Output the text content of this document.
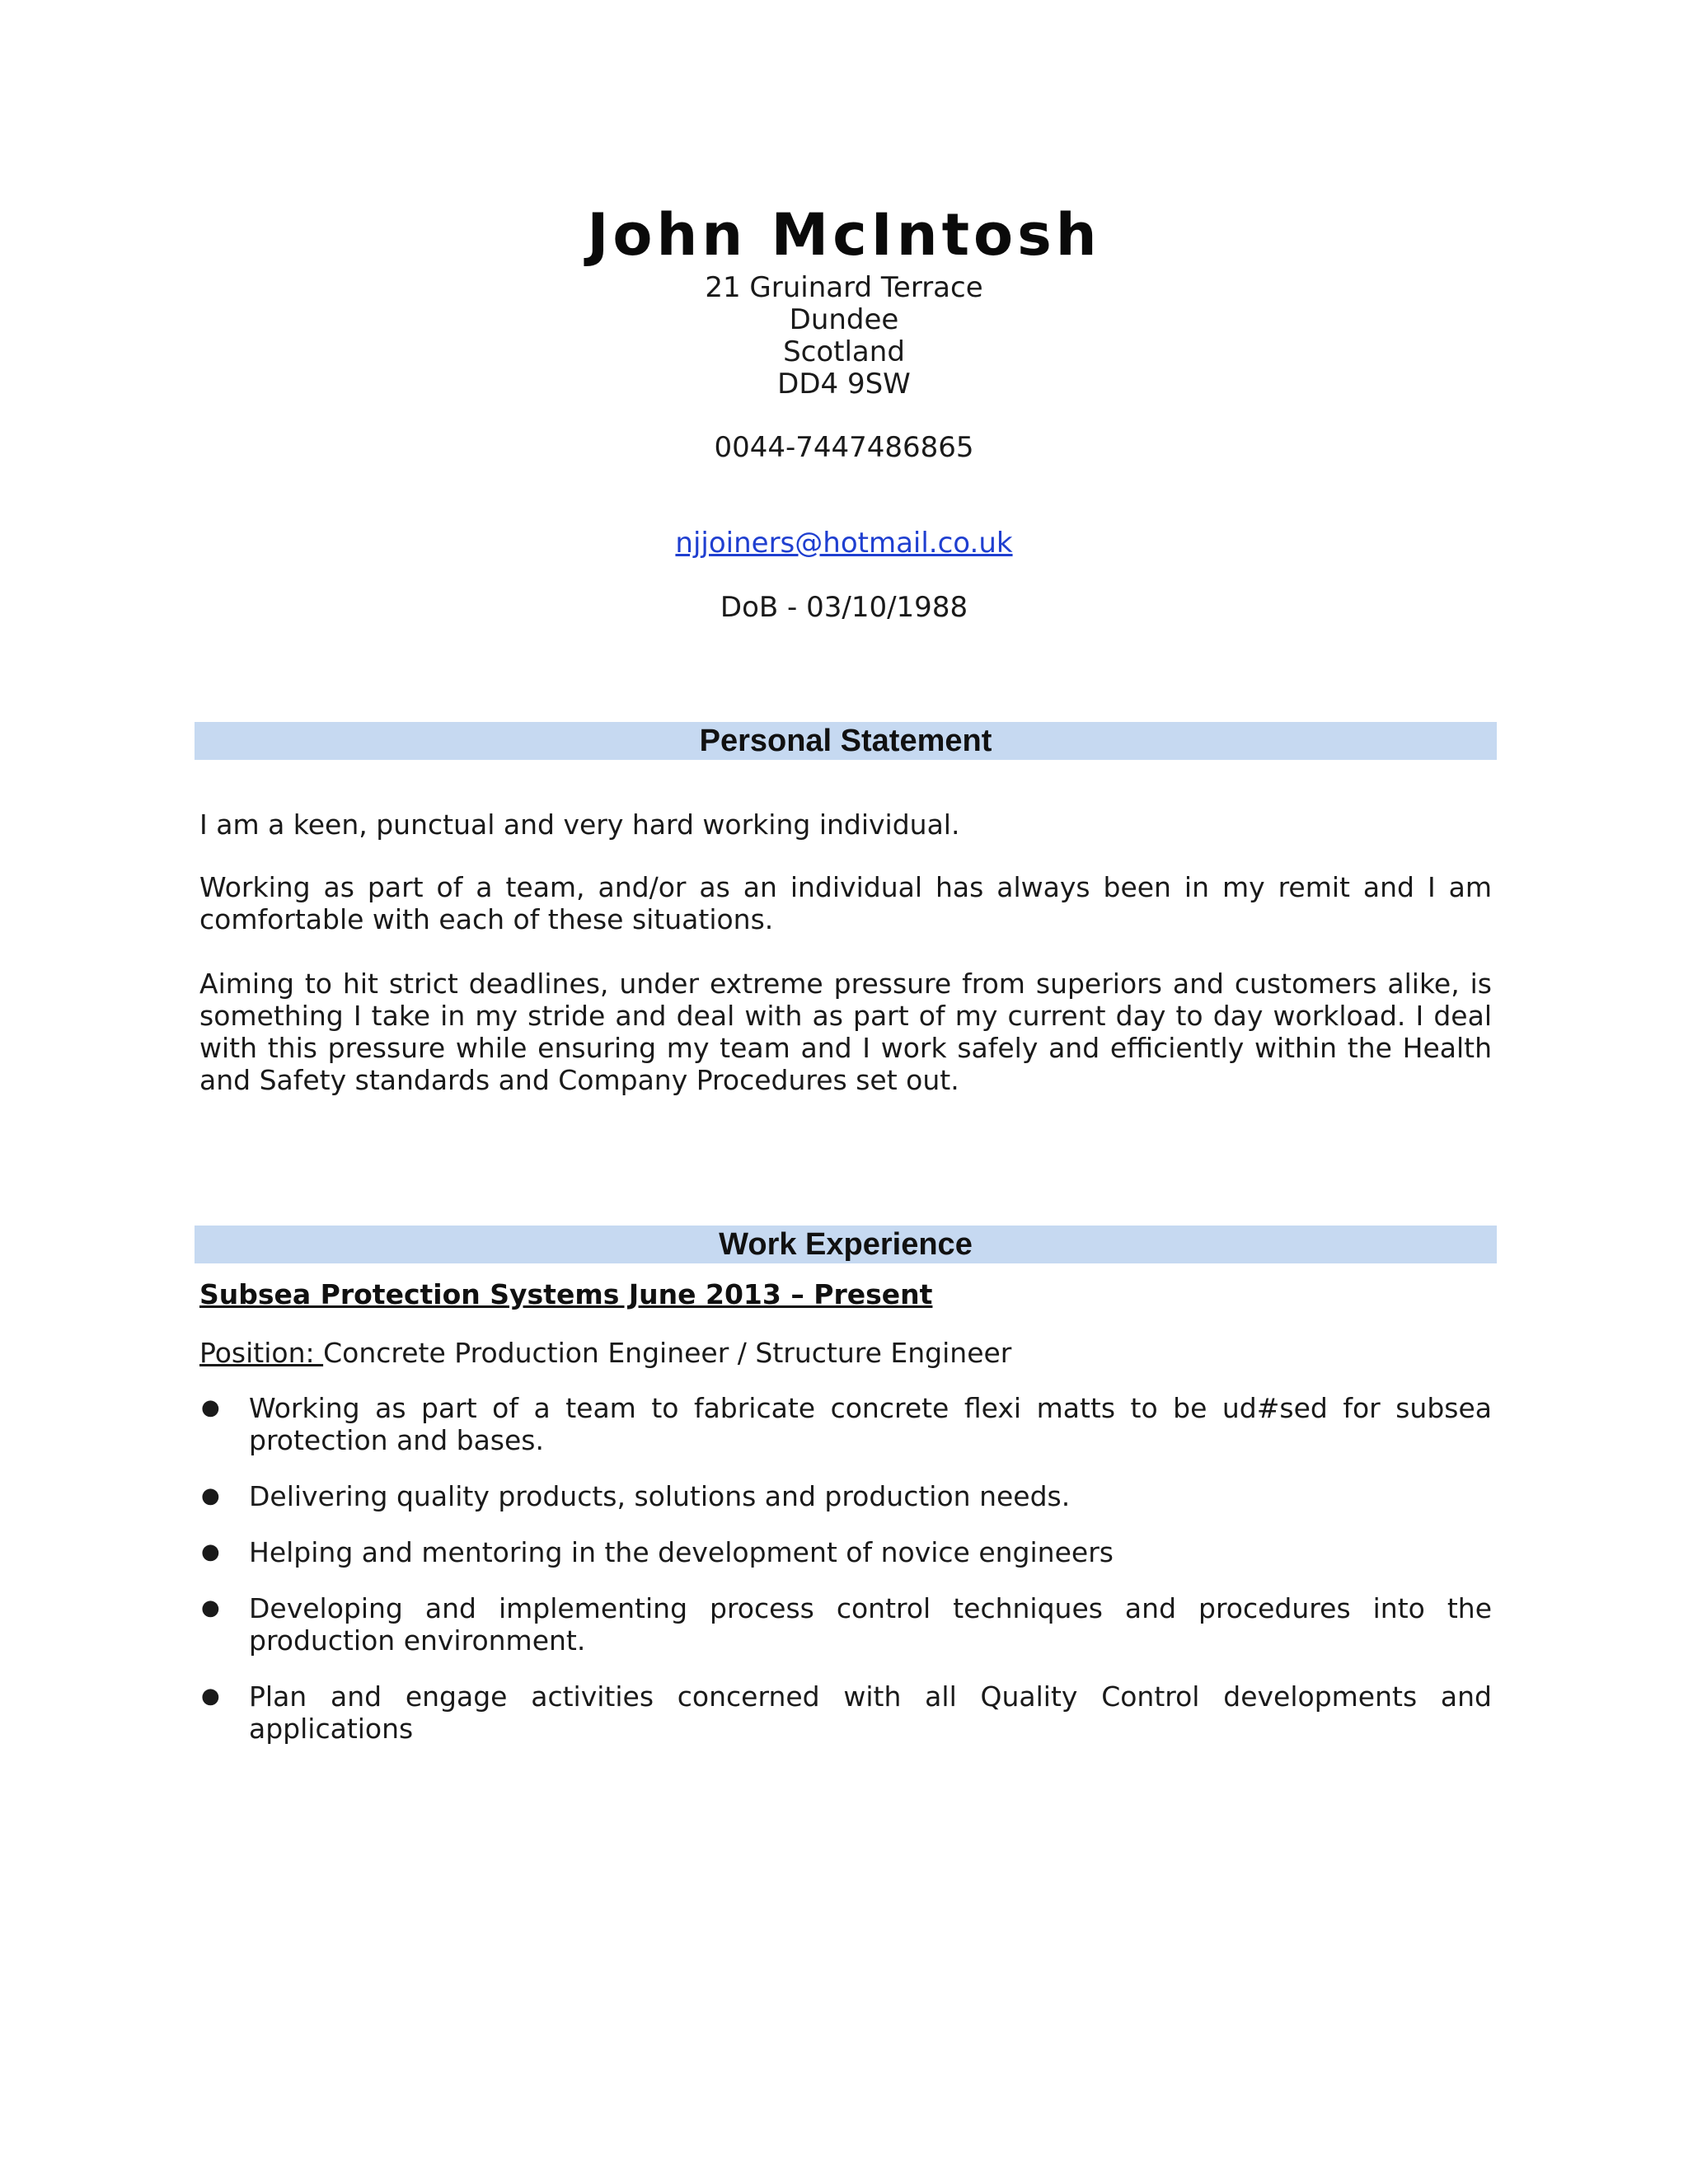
John McIntosh
21 Gruinard Terrace
Dundee
Scotland
DD4 9SW
0044-7447486865
njjoiners@hotmail.co.uk
DoB - 03/10/1988
Personal Statement
I am a keen, punctual and very hard working individual.
Working as part of a team, and/or as an individual has always been in my remit and I am comfortable with each of these situations.
Aiming to hit strict deadlines, under extreme pressure from superiors and customers alike, is something I take in my stride and deal with as part of my current day to day workload. I deal with this pressure while ensuring my team and I work safely and efficiently within the Health and Safety standards and Company Procedures set out.
Work Experience
Subsea Protection Systems June 2013 – Present
Position: Concrete Production Engineer / Structure Engineer
● Working as part of a team to fabricate concrete flexi matts to be ud#sed for subsea protection and bases.
● Delivering quality products, solutions and production needs.
● Helping and mentoring in the development of novice engineers
● Developing and implementing process control techniques and procedures into the production environment.
● Plan and engage activities concerned with all Quality Control developments and applications
